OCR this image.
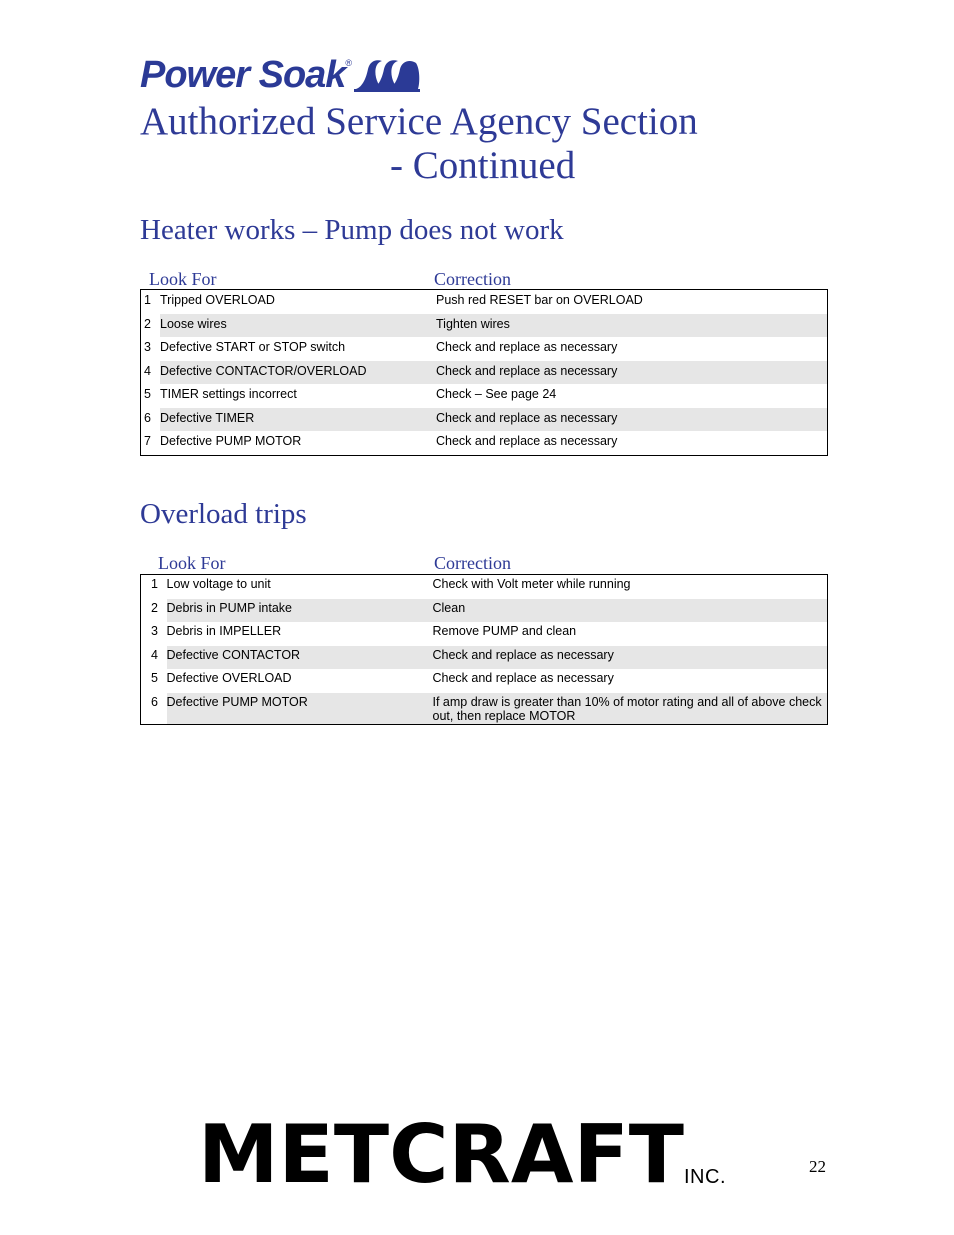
Power Soak ®
Authorized Service Agency Section
- Continued
Heater works – Pump does not work
Look For	Correction
1	Tripped OVERLOAD	Push red RESET bar on OVERLOAD
2	Loose wires	Tighten wires
3	Defective START or STOP switch	Check and replace as necessary
4	Defective CONTACTOR/OVERLOAD	Check and replace as necessary
5	TIMER settings incorrect	Check – See page 24
6	Defective TIMER	Check and replace as necessary
7	Defective PUMP MOTOR	Check and replace as necessary
Overload trips
Look For	Correction
1	Low voltage to unit	Check with Volt meter while running
2	Debris in PUMP intake	Clean
3	Debris in IMPELLER	Remove PUMP and clean
4	Defective CONTACTOR	Check and replace as necessary
5	Defective OVERLOAD	Check and replace as necessary
6	Defective PUMP MOTOR	If amp draw is greater than 10% of motor rating and all of above check out, then replace MOTOR
METCRAFT INC.	22
